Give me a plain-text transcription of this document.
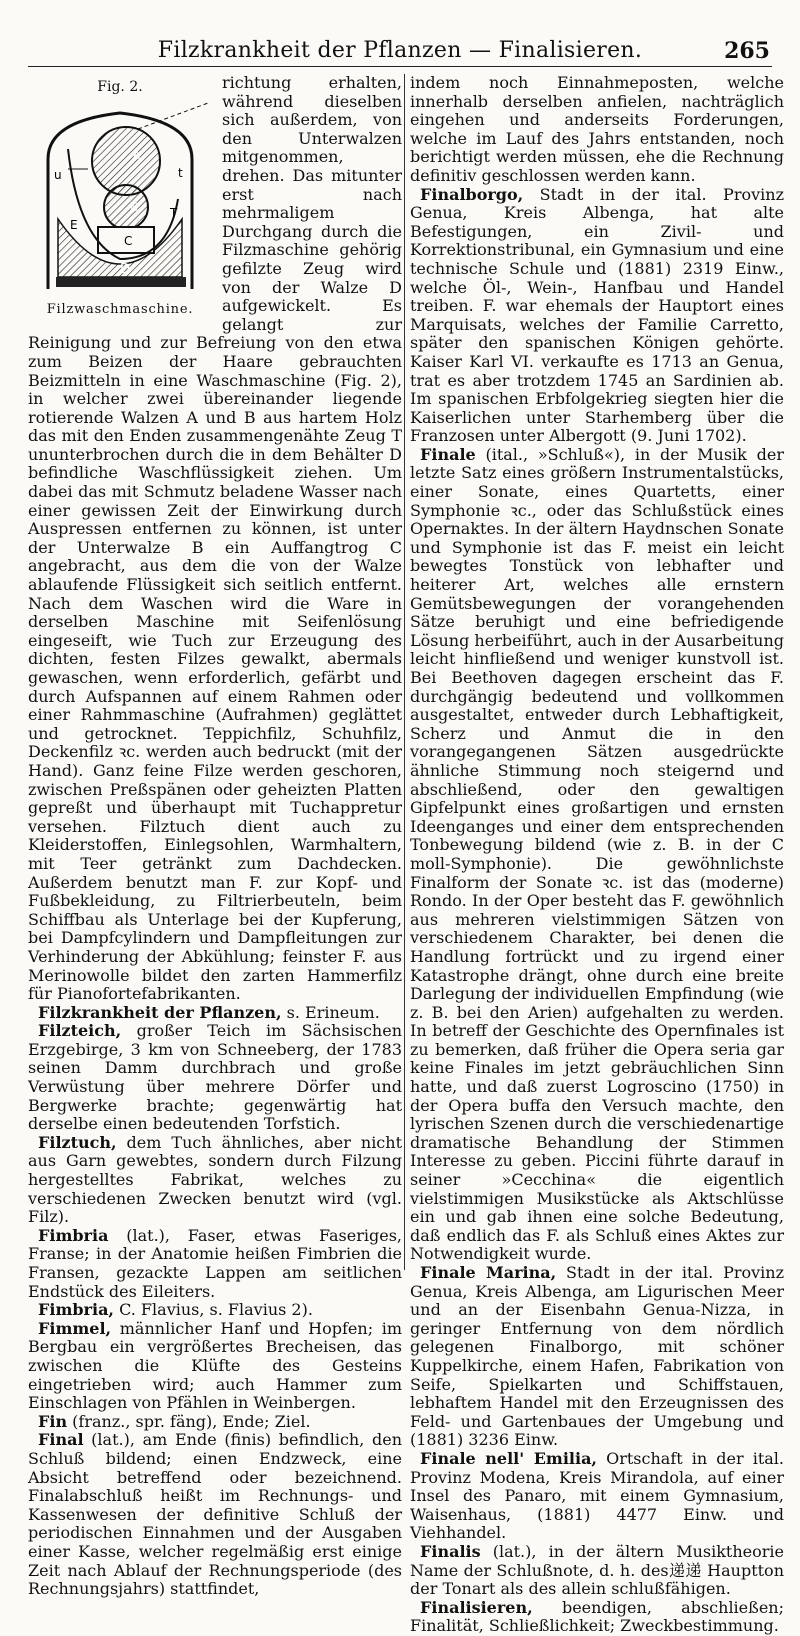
Filzkrankheit der Pflanzen — Finalisieren.	265

Fig. 2.
A
B
C
D
E
T
t
u
Filzwaschmaschine.
richtung erhalten, während dieselben sich außerdem, von den Unterwalzen mitgenommen, drehen. Das mitunter erst nach mehrmaligem Durchgang durch die Filzmaschine gehörig gefilzte Zeug wird von der Walze D aufgewickelt. Es gelangt zur Reinigung und zur Befreiung von den etwa zum Beizen der Haare gebrauchten Beizmitteln in eine Waschmaschine (Fig. 2), in welcher zwei übereinander liegende rotierende Walzen A und B aus hartem Holz das mit den Enden zusammengenähte Zeug T ununterbrochen durch die in dem Behälter D befindliche Waschflüssigkeit ziehen. Um dabei das mit Schmutz beladene Wasser nach einer gewissen Zeit der Einwirkung durch Auspressen entfernen zu können, ist unter der Unterwalze B ein Auffangtrog C angebracht, aus dem die von der Walze ablaufende Flüssigkeit sich seitlich entfernt. Nach dem Waschen wird die Ware in derselben Maschine mit Seifenlösung eingeseift, wie Tuch zur Erzeugung des dichten, festen Filzes gewalkt, abermals gewaschen, wenn erforderlich, gefärbt und durch Aufspannen auf einem Rahmen oder einer Rahmmaschine (Aufrahmen) geglättet und getrocknet. Teppichfilz, Schuhfilz, Deckenfilz ꝛc. werden auch bedruckt (mit der Hand). Ganz feine Filze werden geschoren, zwischen Preßspänen oder geheizten Platten gepreßt und überhaupt mit Tuchappretur versehen. Filztuch dient auch zu Kleiderstoffen, Einlegsohlen, Warmhaltern, mit Teer getränkt zum Dachdecken. Außerdem benutzt man F. zur Kopf- und Fußbekleidung, zu Filtrierbeuteln, beim Schiffbau als Unterlage bei der Kupferung, bei Dampfcylindern und Dampfleitungen zur Verhinderung der Abkühlung; feinster F. aus Merinowolle bildet den zarten Hammerfilz für Pianofortefabrikanten.

Filzkrankheit der Pflanzen, s. Erineum.

Filzteich, großer Teich im Sächsischen Erzgebirge, 3 km von Schneeberg, der 1783 seinen Damm durchbrach und große Verwüstung über mehrere Dörfer und Bergwerke brachte; gegenwärtig hat derselbe einen bedeutenden Torfstich.

Filztuch, dem Tuch ähnliches, aber nicht aus Garn gewebtes, sondern durch Filzung hergestelltes Fabrikat, welches zu verschiedenen Zwecken benutzt wird (vgl. Filz).

Fimbria (lat.), Faser, etwas Faseriges, Franse; in der Anatomie heißen Fimbrien die Fransen, gezackte Lappen am seitlichen Endstück des Eileiters.

Fimbria, C. Flavius, s. Flavius 2).

Fimmel, männlicher Hanf und Hopfen; im Bergbau ein vergrößertes Brecheisen, das zwischen die Klüfte des Gesteins eingetrieben wird; auch Hammer zum Einschlagen von Pfählen in Weinbergen.

Fin (franz., spr. fäng), Ende; Ziel.

Final (lat.), am Ende (finis) befindlich, den Schluß bildend; einen Endzweck, eine Absicht betreffend oder bezeichnend. Finalabschluß heißt im Rechnungs- und Kassenwesen der definitive Schluß der periodischen Einnahmen und der Ausgaben einer Kasse, welcher regelmäßig erst einige Zeit nach Ablauf der Rechnungsperiode (des Rechnungsjahrs) stattfindet,

indem noch Einnahmeposten, welche innerhalb derselben anfielen, nachträglich eingehen und anderseits Forderungen, welche im Lauf des Jahrs entstanden, noch berichtigt werden müssen, ehe die Rechnung definitiv geschlossen werden kann.

Finalborgo, Stadt in der ital. Provinz Genua, Kreis Albenga, hat alte Befestigungen, ein Zivil- und Korrektionstribunal, ein Gymnasium und eine technische Schule und (1881) 2319 Einw., welche Öl-, Wein-, Hanfbau und Handel treiben. F. war ehemals der Hauptort eines Marquisats, welches der Familie Carretto, später den spanischen Königen gehörte. Kaiser Karl VI. verkaufte es 1713 an Genua, trat es aber trotzdem 1745 an Sardinien ab. Im spanischen Erbfolgekrieg siegten hier die Kaiserlichen unter Starhemberg über die Franzosen unter Albergott (9. Juni 1702).

Finale (ital., »Schluß«), in der Musik der letzte Satz eines größern Instrumentalstücks, einer Sonate, eines Quartetts, einer Symphonie ꝛc., oder das Schlußstück eines Opernaktes. In der ältern Haydnschen Sonate und Symphonie ist das F. meist ein leicht bewegtes Tonstück von lebhafter und heiterer Art, welches alle ernstern Gemütsbewegungen der vorangehenden Sätze beruhigt und eine befriedigende Lösung herbeiführt, auch in der Ausarbeitung leicht hinfließend und weniger kunstvoll ist. Bei Beethoven dagegen erscheint das F. durchgängig bedeutend und vollkommen ausgestaltet, entweder durch Lebhaftigkeit, Scherz und Anmut die in den vorangegangenen Sätzen ausgedrückte ähnliche Stimmung noch steigernd und abschließend, oder den gewaltigen Gipfelpunkt eines großartigen und ernsten Ideenganges und einer dem entsprechenden Tonbewegung bildend (wie z. B. in der C moll-Symphonie). Die gewöhnlichste Finalform der Sonate ꝛc. ist das (moderne) Rondo. In der Oper besteht das F. gewöhnlich aus mehreren vielstimmigen Sätzen von verschiedenem Charakter, bei denen die Handlung fortrückt und zu irgend einer Katastrophe drängt, ohne durch eine breite Darlegung der individuellen Empfindung (wie z. B. bei den Arien) aufgehalten zu werden. In betreff der Geschichte des Opernfinales ist zu bemerken, daß früher die Opera seria gar keine Finales im jetzt gebräuchlichen Sinn hatte, und daß zuerst Logroscino (1750) in der Opera buffa den Versuch machte, den lyrischen Szenen durch die verschiedenartige dramatische Behandlung der Stimmen Interesse zu geben. Piccini führte darauf in seiner »Cecchina« die eigentlich vielstimmigen Musikstücke als Aktschlüsse ein und gab ihnen eine solche Bedeutung, daß endlich das F. als Schluß eines Aktes zur Notwendigkeit wurde.

Finale Marina, Stadt in der ital. Provinz Genua, Kreis Albenga, am Ligurischen Meer und an der Eisenbahn Genua-Nizza, in geringer Entfernung von dem nördlich gelegenen Finalborgo, mit schöner Kuppelkirche, einem Hafen, Fabrikation von Seife, Spielkarten und Schiffstauen, lebhaftem Handel mit den Erzeugnissen des Feld- und Gartenbaues der Umgebung und (1881) 3236 Einw.

Finale nell' Emilia, Ortschaft in der ital. Provinz Modena, Kreis Mirandola, auf einer Insel des Panaro, mit einem Gymnasium, Waisenhaus, (1881) 4477 Einw. und Viehhandel.

Finalis (lat.), in der ältern Musiktheorie Name der Schlußnote, d. h. des递递 Hauptton der Tonart als des allein schlußfähigen.

Finalisieren, beendigen, abschließen; Finalität, Schließlichkeit; Zweckbestimmung.
